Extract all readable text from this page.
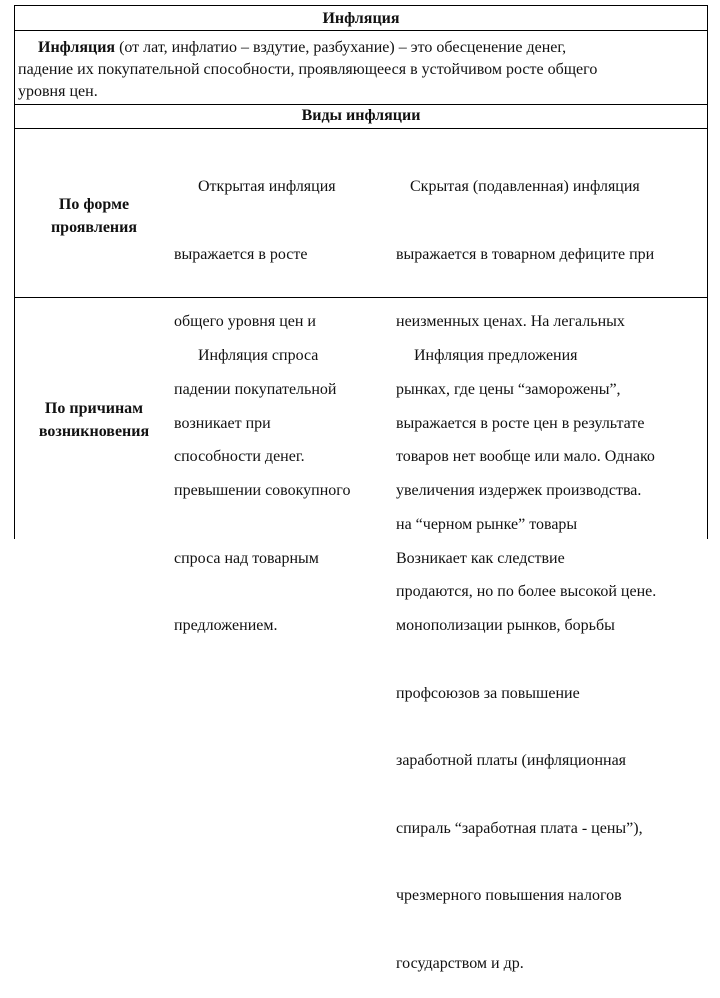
Инфляция
Инфляция (от лат, инфлатио – вздутие, разбухание) – это обесценение денег,
падение их покупательной способности, проявляющееся в устойчивом росте общего
уровня цен.
Виды инфляции
По форме
проявления

Открытая инфляция

выражается в росте

общего уровня цен и

падении покупательной

способности денег.

Скрытая (подавленная) инфляция

выражается в товарном дефиците при

неизменных ценах. На легальных

рынках, где цены “заморожены”,

товаров нет вообще или мало. Однако

на “черном рынке” товары

продаются, но по более высокой цене.

По причинам
возникновения

Инфляция спроса

возникает при

превышении совокупного

спроса над товарным

предложением.

Инфляция предложения

выражается в росте цен в результате

увеличения издержек производства.

Возникает как следствие

монополизации рынков, борьбы

профсоюзов за повышение

заработной платы (инфляционная

спираль “заработная плата - цены”),

чрезмерного повышения налогов

государством и др.
